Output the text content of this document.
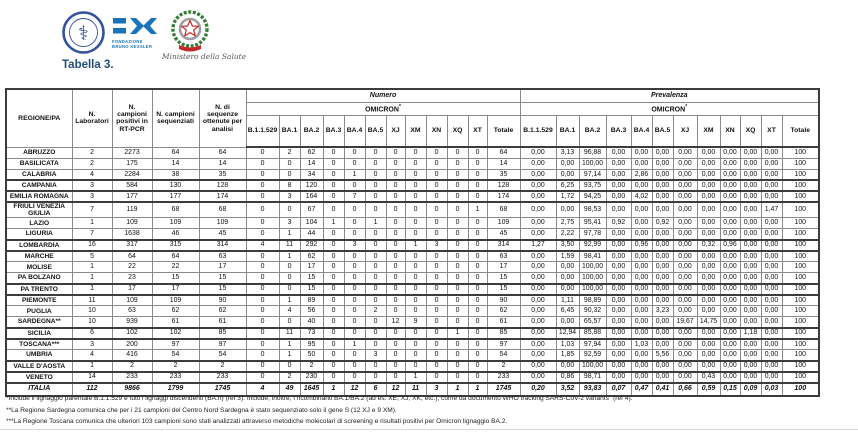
⚕	FONDAZIONE
BRUNO KESSLER
Ministero della Salute
Tabella 3.
REGIONE/PA	N. Laboratori	N. campioni positivi in RT-PCR	N. campioni sequenziati	N. di sequenze ottenute per analisi	Numero												Prevalenza											
					OMICRON*												OMICRON*
					B.1.1.529	BA.1	BA.2	BA.3	BA.4	BA.5	XJ	XM	XN	XQ	XT	Totale	B.1.1.529	BA.1	BA.2	BA.3	BA.4	BA.5	XJ	XM	XN	XQ	XT	Totale
ABRUZZO	2	2273	64	64	0	2	62	0	0	0	0	0	0	0	0	64	0,00	3,13	96,88	0,00	0,00	0,00	0,00	0,00	0,00	0,00	0,00	100
BASILICATA	2	175	14	14	0	0	14	0	0	0	0	0	0	0	0	14	0,00	0,00	100,00	0,00	0,00	0,00	0,00	0,00	0,00	0,00	0,00	100
CALABRIA	4	2284	38	35	0	0	34	0	1	0	0	0	0	0	0	35	0,00	0,00	97,14	0,00	2,86	0,00	0,00	0,00	0,00	0,00	0,00	100
CAMPANIA	3	584	130	128	0	8	120	0	0	0	0	0	0	0	0	128	0,00	6,25	93,75	0,00	0,00	0,00	0,00	0,00	0,00	0,00	0,00	100
EMILIA ROMAGNA	3	177	177	174	0	3	164	0	7	0	0	0	0	0	0	174	0,00	1,72	94,25	0,00	4,02	0,00	0,00	0,00	0,00	0,00	0,00	100
FRIULI VENEZIA GIULIA	7	119	68	68	0	0	67	0	0	0	0	0	0	0	1	68	0,00	0,00	98,53	0,00	0,00	0,00	0,00	0,00	0,00	0,00	1,47	100
LAZIO	1	109	109	109	0	3	104	1	0	1	0	0	0	0	0	109	0,00	2,75	95,41	0,92	0,00	0,92	0,00	0,00	0,00	0,00	0,00	100
LIGURIA	7	1638	46	45	0	1	44	0	0	0	0	0	0	0	0	45	0,00	2,22	97,78	0,00	0,00	0,00	0,00	0,00	0,00	0,00	0,00	100
LOMBARDIA	16	317	315	314	4	11	292	0	3	0	0	1	3	0	0	314	1,27	3,50	92,99	0,00	0,96	0,00	0,00	0,32	0,96	0,00	0,00	100
MARCHE	5	64	64	63	0	1	62	0	0	0	0	0	0	0	0	63	0,00	1,59	98,41	0,00	0,00	0,00	0,00	0,00	0,00	0,00	0,00	100
MOLISE	1	22	22	17	0	0	17	0	0	0	0	0	0	0	0	17	0,00	0,00	100,00	0,00	0,00	0,00	0,00	0,00	0,00	0,00	0,00	100
PA BOLZANO	1	23	15	15	0	0	15	0	0	0	0	0	0	0	0	15	0,00	0,00	100,00	0,00	0,00	0,00	0,00	0,00	0,00	0,00	0,00	100
PA TRENTO	1	17	17	15	0	0	15	0	0	0	0	0	0	0	0	15	0,00	0,00	100,00	0,00	0,00	0,00	0,00	0,00	0,00	0,00	0,00	100
PIEMONTE	11	109	109	90	0	1	89	0	0	0	0	0	0	0	0	90	0,00	1,11	98,89	0,00	0,00	0,00	0,00	0,00	0,00	0,00	0,00	100
PUGLIA	10	63	62	62	0	4	56	0	0	2	0	0	0	0	0	62	0,00	6,45	90,32	0,00	0,00	3,23	0,00	0,00	0,00	0,00	0,00	100
SARDEGNA**	10	939	61	61	0	0	40	0	0	0	12	9	0	0	0	61	0,00	0,00	65,57	0,00	0,00	0,00	19,67	14,75	0,00	0,00	0,00	100
SICILIA	6	102	102	85	0	11	73	0	0	0	0	0	0	1	0	85	0,00	12,94	85,88	0,00	0,00	0,00	0,00	0,00	0,00	1,18	0,00	100
TOSCANA***	3	200	97	97	0	1	95	0	1	0	0	0	0	0	0	97	0,00	1,03	97,94	0,00	1,03	0,00	0,00	0,00	0,00	0,00	0,00	100
UMBRIA	4	416	54	54	0	1	50	0	0	3	0	0	0	0	0	54	0,00	1,85	92,59	0,00	0,00	5,56	0,00	0,00	0,00	0,00	0,00	100
VALLE D'AOSTA	1	2	2	2	0	0	2	0	0	0	0	0	0	0	0	2	0,00	0,00	100,00	0,00	0,00	0,00	0,00	0,00	0,00	0,00	0,00	100
VENETO	14	233	233	233	0	2	230	0	0	0	0	1	0	0	0	233	0,00	0,86	98,71	0,00	0,00	0,00	0,00	0,43	0,00	0,00	0,00	100
ITALIA	112	9866	1799	1745	4	49	1645	1	12	6	12	11	3	1	1	1745	0,20	3,52	93,83	0,07	0,47	0,41	0,66	0,59	0,15	0,09	0,03	100

*Include il lignaggio parentale B.1.1.529 e tutti i lignaggi discendenti (BA.n) (ref 3). Include, inoltre, i ricombinanti BA.1/BA.2 (ad es. XE, XJ, XK, etc.), come da documento WHO tracking SARS-CoV-2 variants" (ref 4).

**La Regione Sardegna comunica che per i 21 campioni del Centro Nord Sardegna è stato sequenziato solo il gene S (12 XJ e 9 XM).

***La Regione Toscana comunica che ulteriori 103 campioni sono stati analizzati attraverso metodiche molecolari di screening e risultati positivi per Omicron lignaggio BA.2.
